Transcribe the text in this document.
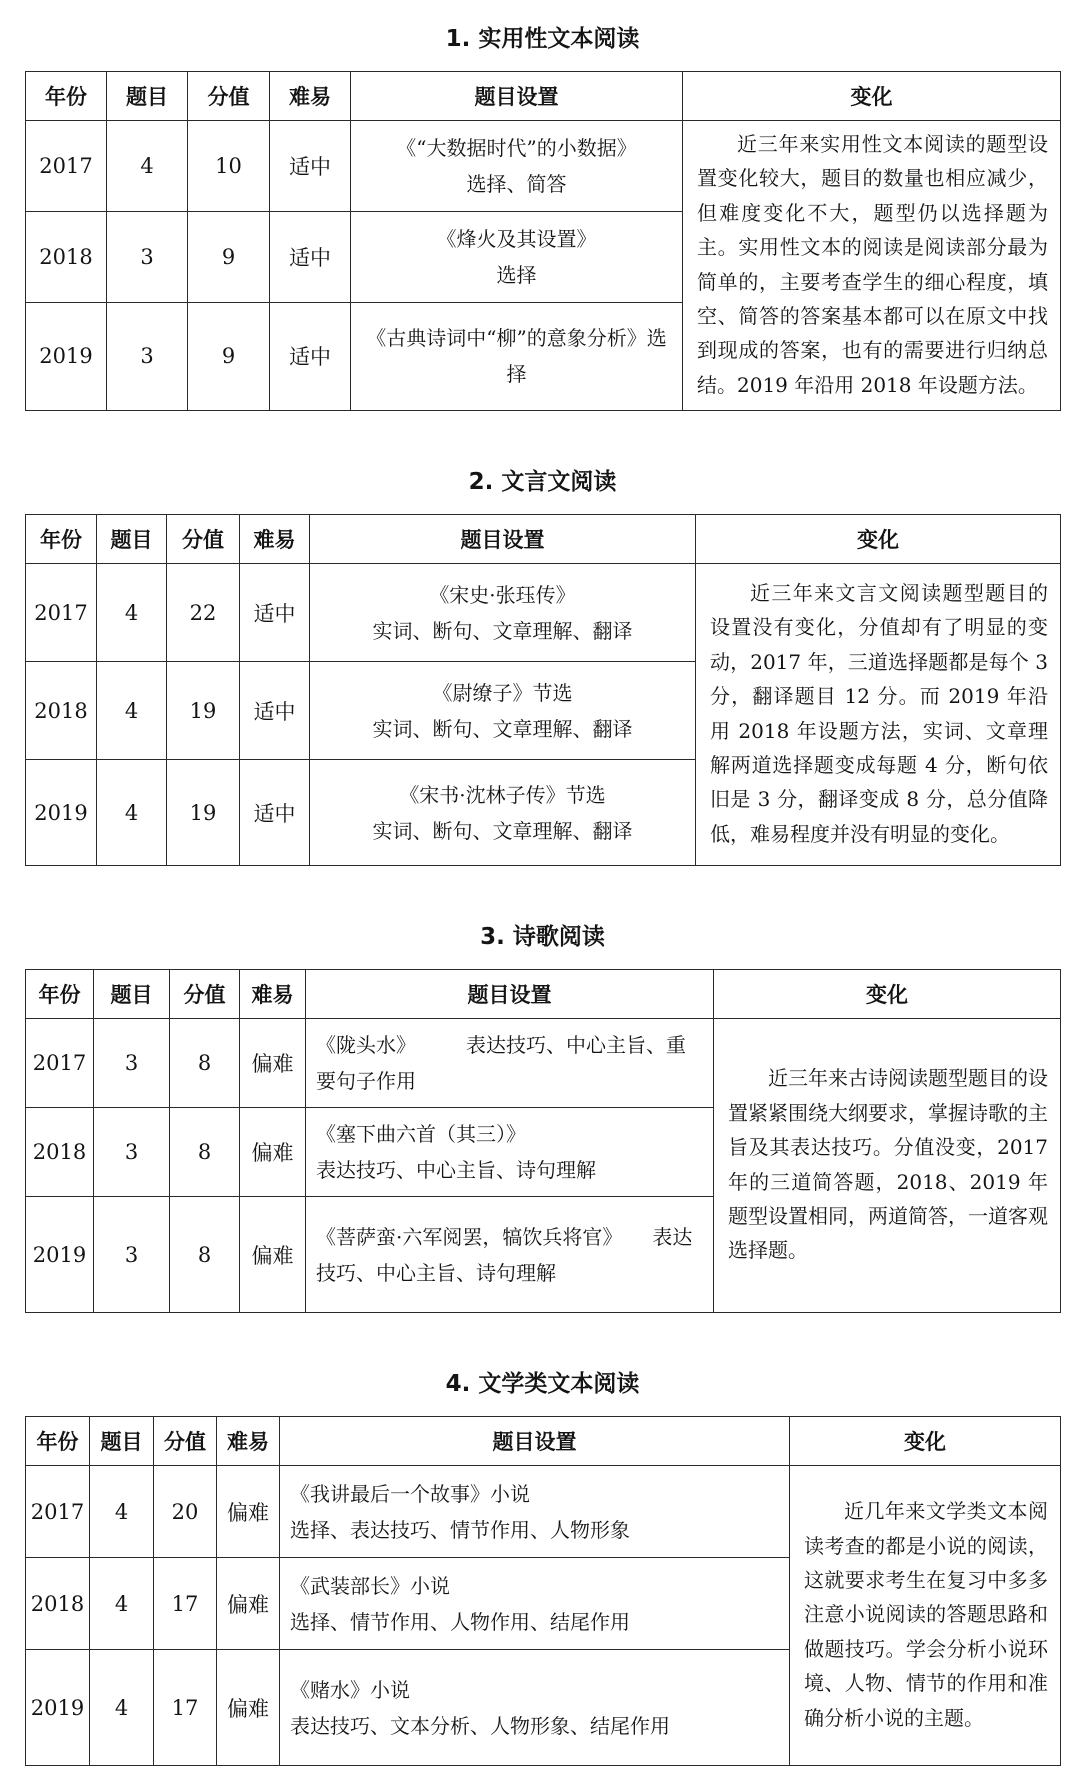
1. 实用性文本阅读
年份	题目	分值	难易	题目设置	变化
2017	4	10	适中	《“大数据时代”的小数据》
选择、简答	近三年来实用性文本阅读的题型设置变化较大，题目的数量也相应减少，但难度变化不大，题型仍以选择题为主。实用性文本的阅读是阅读部分最为简单的，主要考查学生的细心程度，填空、简答的答案基本都可以在原文中找到现成的答案，也有的需要进行归纳总结。2019 年沿用 2018 年设题方法。

2018	3	9	适中	《烽火及其设置》
选择	

2019	3	9	适中	《古典诗词中“柳”的意象分析》选择	
2. 文言文阅读
年份	题目	分值	难易	题目设置	变化
2017	4	22	适中	《宋史·张珏传》
实词、断句、文章理解、翻译	近三年来文言文阅读题型题目的设置没有变化，分值却有了明显的变动，2017 年，三道选择题都是每个 3 分，翻译题目 12 分。而 2019 年沿用 2018 年设题方法，实词、文章理解两道选择题变成每题 4 分，断句依旧是 3 分，翻译变成 8 分，总分值降低，难易程度并没有明显的变化。

2018	4	19	适中	《尉缭子》节选
实词、断句、文章理解、翻译	

2019	4	19	适中	《宋书·沈林子传》节选
实词、断句、文章理解、翻译	
3. 诗歌阅读
年份	题目	分值	难易	题目设置	变化
2017	3	8	偏难	《陇头水》　　　表达技巧、中心主旨、重要句子作用	近三年来古诗阅读题型题目的设置紧紧围绕大纲要求，掌握诗歌的主旨及其表达技巧。分值没变，2017 年的三道简答题，2018、2019 年题型设置相同，两道简答，一道客观选择题。

2018	3	8	偏难	《塞下曲六首（其三）》
表达技巧、中心主旨、诗句理解	

2019	3	8	偏难	《菩萨蛮·六军阅罢，犒饮兵将官》　　表达技巧、中心主旨、诗句理解	
4. 文学类文本阅读
年份	题目	分值	难易	题目设置	变化
2017	4	20	偏难	《我讲最后一个故事》小说
选择、表达技巧、情节作用、人物形象	近几年来文学类文本阅读考查的都是小说的阅读，这就要求考生在复习中多多注意小说阅读的答题思路和做题技巧。学会分析小说环境、人物、情节的作用和准确分析小说的主题。

2018	4	17	偏难	《武装部长》小说
选择、情节作用、人物作用、结尾作用	

2019	4	17	偏难	《赌水》小说
表达技巧、文本分析、人物形象、结尾作用	
